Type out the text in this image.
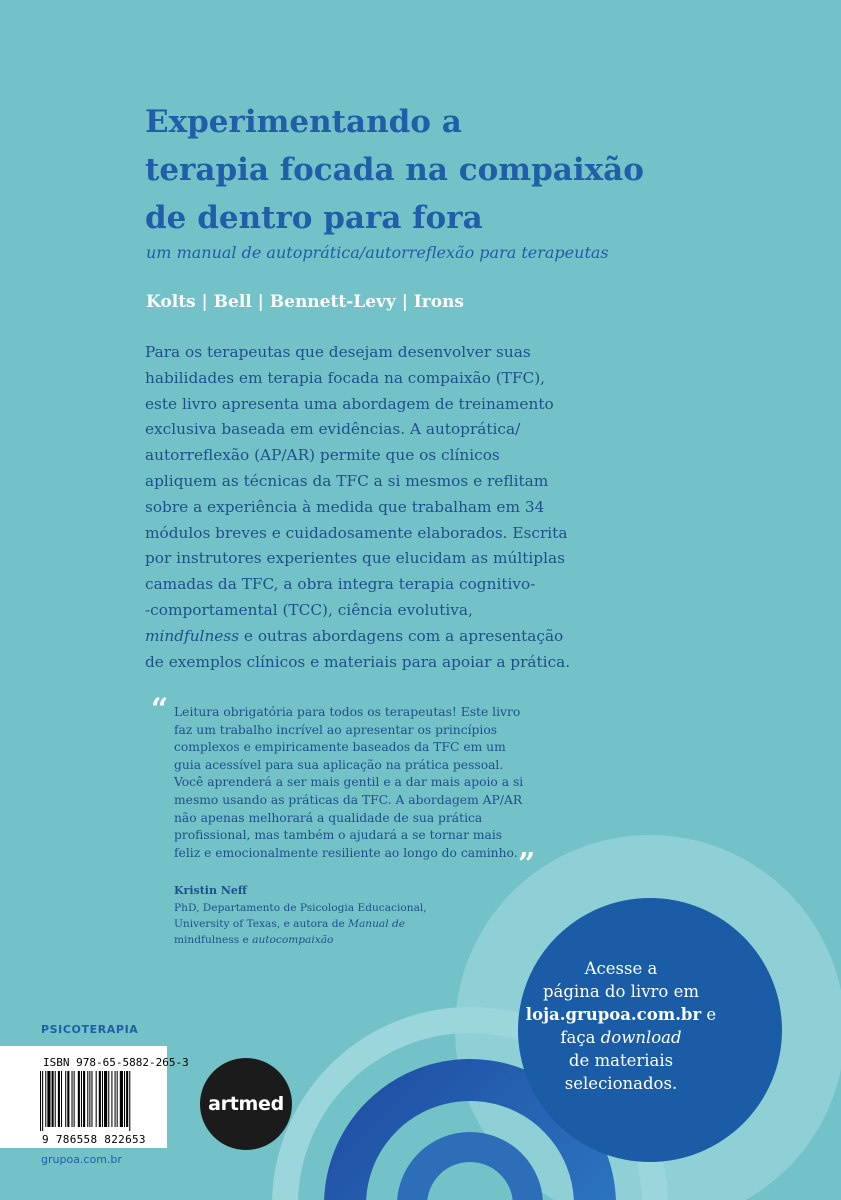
Experimentando a
terapia focada na compaixão
de dentro para fora
um manual de autoprática/autorreflexão para terapeutas
Kolts | Bell | Bennett-Levy | Irons
Para os terapeutas que desejam desenvolver suas
habilidades em terapia focada na compaixão (TFC),
este livro apresenta uma abordagem de treinamento
exclusiva baseada em evidências. A autoprática/
autorreflexão (AP/AR) permite que os clínicos
apliquem as técnicas da TFC a si mesmos e reflitam
sobre a experiência à medida que trabalham em 34
módulos breves e cuidadosamente elaborados. Escrita
por instrutores experientes que elucidam as múltiplas
camadas da TFC, a obra integra terapia cognitivo-
-comportamental (TCC), ciência evolutiva,
mindfulness e outras abordagens com a apresentação
de exemplos clínicos e materiais para apoiar a prática.
“ Leitura obrigatória para todos os terapeutas! Este livro
faz um trabalho incrível ao apresentar os princípios
complexos e empiricamente baseados da TFC em um
guia acessível para sua aplicação na prática pessoal.
Você aprenderá a ser mais gentil e a dar mais apoio a si
mesmo usando as práticas da TFC. A abordagem AP/AR
não apenas melhorará a qualidade de sua prática
profissional, mas também o ajudará a se tornar mais
feliz e emocionalmente resiliente ao longo do caminho. ”
Kristin Neff
PhD, Departamento de Psicologia Educacional,
University of Texas, e autora de Manual de
mindfulness e autocompaixão
Acesse a
página do livro em
loja.grupoa.com.br e
faça download
de materiais
selecionados.
PSICOTERAPIA
ISBN 978-65-5882-265-3
9 786558 822653
grupoa.com.br
artmed
